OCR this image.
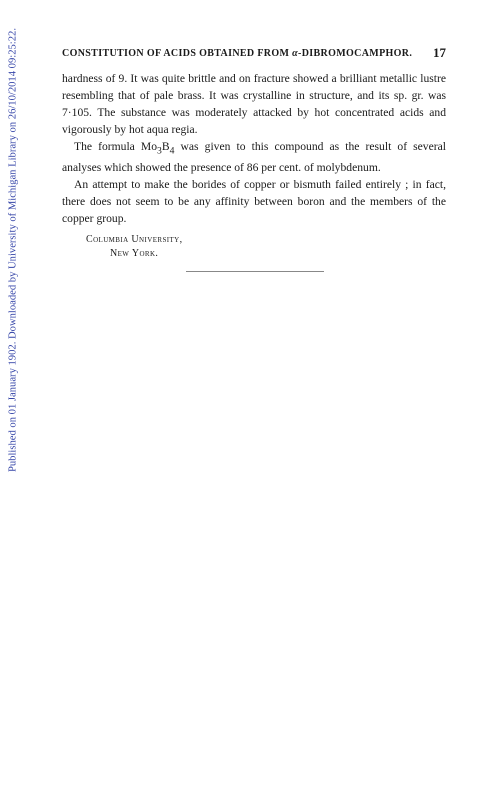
Published on 01 January 1902. Downloaded by University of Michigan Library on 26/10/2014 09:25:22.	CONSTITUTION OF ACIDS OBTAINED FROM α-DIBROMOCAMPHOR. 17

hardness of 9. It was quite brittle and on fracture showed a brilliant metallic lustre resembling that of pale brass. It was crystalline in structure, and its sp. gr. was 7·105. The substance was moderately attacked by hot concentrated acids and vigorously by hot aqua regia.

The formula $Mo_3B_4$ was given to this compound as the result of several analyses which showed the presence of 86 per cent. of molybdenum.

An attempt to make the borides of copper or bismuth failed entirely ; in fact, there does not seem to be any affinity between boron and the members of the copper group.

Columbia University,
New York.
